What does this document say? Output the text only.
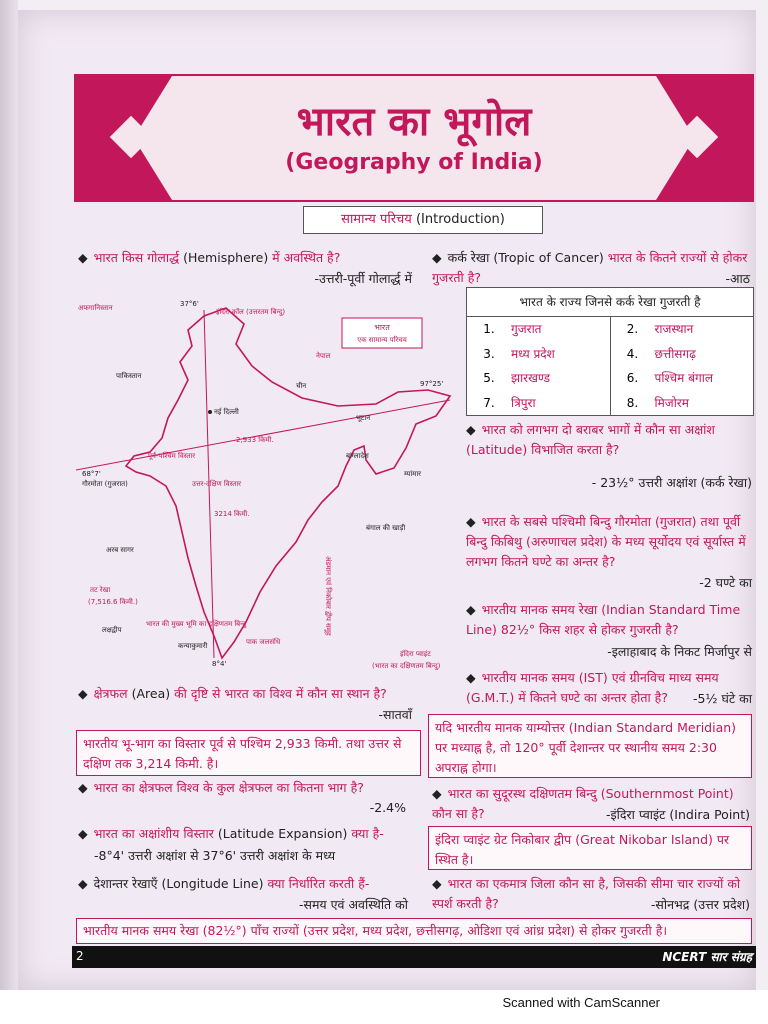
भारत का भूगोल
(Geography of India)
सामान्य परिचय (Introduction)
◆ भारत किस गोलार्द्ध (Hemisphere) में अवस्थित है?
-उत्तरी-पूर्वी गोलार्द्ध में
अफगानिस्तान
पाकिस्तान
चीन
नेपाल
भूटान
बांग्लादेश
म्यांमार
बंगाल की खाड़ी
अरब सागर
नई दिल्ली
पूर्व-पश्चिम विस्तार
2,933 किमी.
उत्तर-दक्षिण विस्तार
3214 किमी.
तट रेखा
(7,516.6 किमी.)
लक्षद्वीप
कन्याकुमारी
37°6'
इंदिरा कॉल (उत्तरतम बिन्दु)
97°25'
68°7'
8°4'
इंदिरा प्वाइंट
(भारत का दक्षिणतम बिन्दु)
पाक जलसंधि
गौरमोता (गुजरात)
भारत की मुख्य भूमि का दक्षिणतम बिन्दु	अंडमान एवं निकोबार द्वीप समूह
भारत
एक सामान्य परिचय
◆ क्षेत्रफल (Area) की दृष्टि से भारत का विश्व में कौन सा स्थान है?
-सातवाँ
भारतीय भू-भाग का विस्तार पूर्व से पश्चिम 2,933 किमी. तथा उत्तर से दक्षिण तक 3,214 किमी. है।
◆ भारत का क्षेत्रफल विश्व के कुल क्षेत्रफल का कितना भाग है?
-2.4%
◆ भारत का अक्षांशीय विस्तार (Latitude Expansion) क्या है-
-8°4' उत्तरी अक्षांश से 37°6' उत्तरी अक्षांश के मध्य
◆ देशान्तर रेखाएँ (Longitude Line) क्या निर्धारित करती हैं-
-समय एवं अवस्थिति को
◆ कर्क रेखा (Tropic of Cancer) भारत के कितने राज्यों से होकर गुजरती है?	-आठ
भारत के राज्य जिनसे कर्क रेखा गुजरती है
1.	गुजरात	2.	राजस्थान
3.	मध्य प्रदेश	4.	छत्तीसगढ़
5.	झारखण्ड	6.	पश्चिम बंगाल
7.	त्रिपुरा	8.	मिजोरम
◆ भारत को लगभग दो बराबर भागों में कौन सा अक्षांश (Latitude) विभाजित करता है?
- 23½° उत्तरी अक्षांश (कर्क रेखा)
◆ भारत के सबसे पश्चिमी बिन्दु गौरमोता (गुजरात) तथा पूर्वी बिन्दु किबिथु (अरुणाचल प्रदेश) के मध्य सूर्योदय एवं सूर्यास्त में लगभग कितने घण्टे का अन्तर है?
-2 घण्टे का
◆ भारतीय मानक समय रेखा (Indian Standard Time Line) 82½° किस शहर से होकर गुजरती है?
-इलाहाबाद के निकट मिर्जापुर से
◆ भारतीय मानक समय (IST) एवं ग्रीनविच माध्य समय (G.M.T.) में कितने घण्टे का अन्तर होता है?	-5½ घंटे का
यदि भारतीय मानक याम्योत्तर (Indian Standard Meridian) पर मध्याह्न है, तो 120° पूर्वी देशान्तर पर स्थानीय समय 2:30 अपराह्न होगा।
◆ भारत का सुदूरस्थ दक्षिणतम बिन्दु (Southernmost Point) कौन सा है?	-इंदिरा प्वाइंट (Indira Point)
इंदिरा प्वाइंट ग्रेट निकोबार द्वीप (Great Nikobar Island) पर स्थित है।
◆ भारत का एकमात्र जिला कौन सा है, जिसकी सीमा चार राज्यों को स्पर्श करती है?	-सोनभद्र (उत्तर प्रदेश)
भारतीय मानक समय रेखा (82½°) पाँच राज्यों (उत्तर प्रदेश, मध्य प्रदेश, छत्तीसगढ़, ओडिशा एवं आंध्र प्रदेश) से होकर गुजरती है।
2	NCERT सार संग्रह
Scanned with CamScanner
